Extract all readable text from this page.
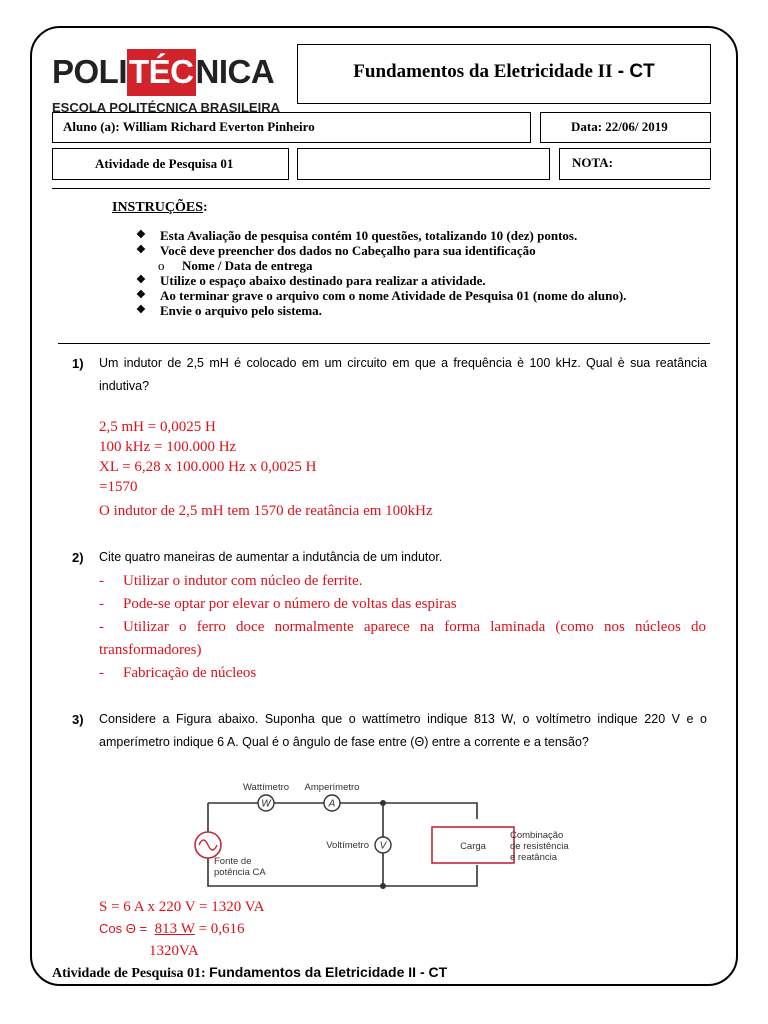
POLI TÉC NICA
ESCOLA POLITÉCNICA BRASILEIRA
Fundamentos da Eletricidade II - CT
Aluno (a): William Richard Everton Pinheiro	Data: 22/06/ 2019
Atividade de Pesquisa 01	NOTA:
INSTRUÇÕES:
❖ Esta Avaliação de pesquisa contém 10 questões, totalizando 10 (dez) pontos.
❖ Você deve preencher dos dados no Cabeçalho para sua identificação
o Nome / Data de entrega
❖ Utilize o espaço abaixo destinado para realizar a atividade.
❖ Ao terminar grave o arquivo com o nome Atividade de Pesquisa 01 (nome do aluno).
❖ Envie o arquivo pelo sistema.
1) Um indutor de 2,5 mH é colocado em um circuito em que a frequência è 100 kHz. Qual è sua reatância indutiva?
2,5 mH = 0,0025 H
100 kHz = 100.000 Hz
XL = 6,28 x 100.000 Hz x 0,0025 H
=1570
O indutor de 2,5 mH tem 1570 de reatância em 100kHz
2) Cite quatro maneiras de aumentar a indutância de um indutor.
-	Utilizar o indutor com núcleo de ferrite.
-	Pode-se optar por elevar o número de voltas das espiras
- Utilizar o ferro doce normalmente aparece na forma laminada (como nos núcleos do transformadores)
-	Fabricação de núcleos
3) Considere a Figura abaixo. Suponha que o wattímetro indique 813 W, o voltímetro indique 220 V e o amperímetro indique 6 A. Qual é o ângulo de fase entre (Θ) entre a corrente e a tensão?
W	A
V
Wattímetro Amperímetro
Voltímetro
Fonte de
potência CA
Carga
Combinação
de resistência
e reatância
S = 6 A x 220 V = 1320 VA
Cos Θ = 813 W = 0,616
1320VA
Atividade de Pesquisa 01: Fundamentos da Eletricidade II - CT
